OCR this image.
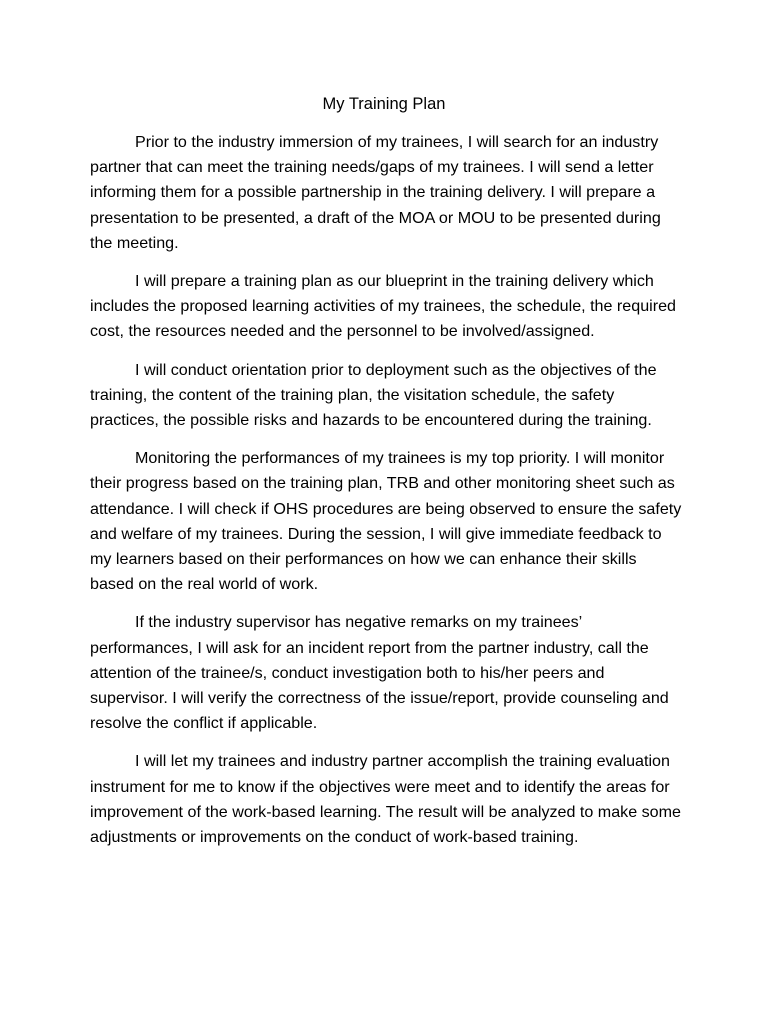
My Training Plan

Prior to the industry immersion of my trainees, I will search for an industry partner that can meet the training needs/gaps of my trainees. I will send a letter informing them for a possible partnership in the training delivery. I will prepare a presentation to be presented, a draft of the MOA or MOU to be presented during the meeting.

I will prepare a training plan as our blueprint in the training delivery which includes the proposed learning activities of my trainees, the schedule, the required cost, the resources needed and the personnel to be involved/assigned.

I will conduct orientation prior to deployment such as the objectives of the training, the content of the training plan, the visitation schedule, the safety practices, the possible risks and hazards to be encountered during the training.

Monitoring the performances of my trainees is my top priority. I will monitor their progress based on the training plan, TRB and other monitoring sheet such as attendance. I will check if OHS procedures are being observed to ensure the safety and welfare of my trainees. During the session, I will give immediate feedback to my learners based on their performances on how we can enhance their skills based on the real world of work.

If the industry supervisor has negative remarks on my trainees’ performances, I will ask for an incident report from the partner industry, call the attention of the trainee/s, conduct investigation both to his/her peers and supervisor. I will verify the correctness of the issue/report, provide counseling and resolve the conflict if applicable.

I will let my trainees and industry partner accomplish the training evaluation instrument for me to know if the objectives were meet and to identify the areas for improvement of the work-based learning. The result will be analyzed to make some adjustments or improvements on the conduct of work-based training.
